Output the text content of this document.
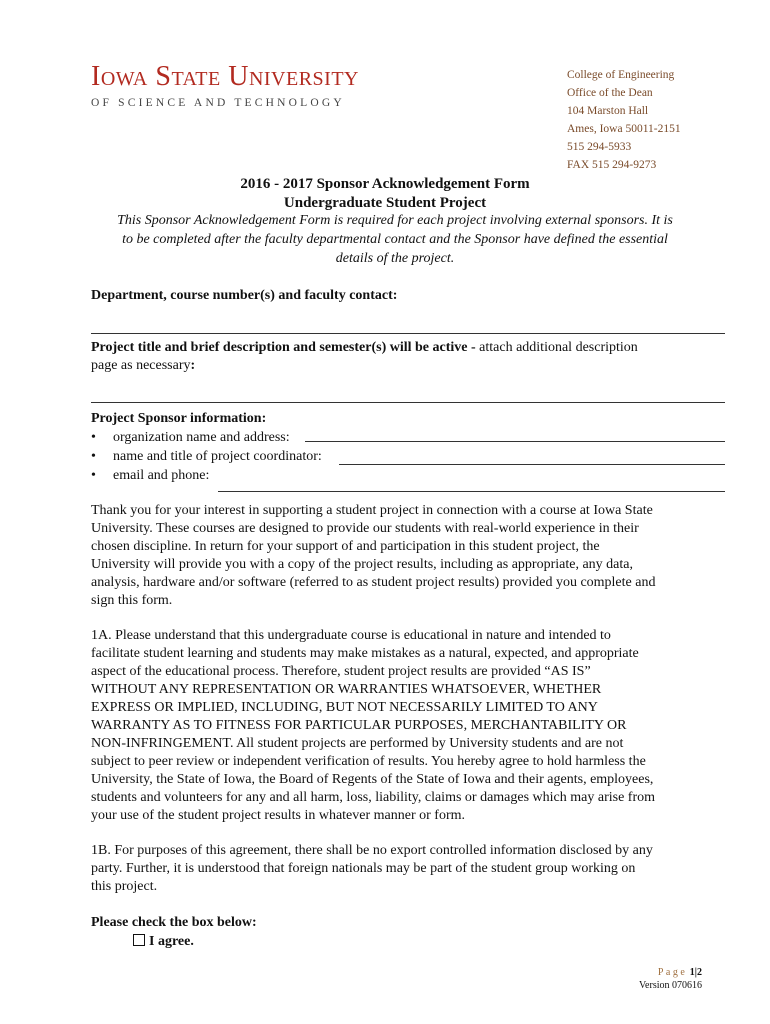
Iowa State University
OF SCIENCE AND TECHNOLOGY
College of Engineering
Office of the Dean
104 Marston Hall
Ames, Iowa 50011-2151
515 294-5933
FAX 515 294-9273
2016 - 2017 Sponsor Acknowledgement Form
Undergraduate Student Project
This Sponsor Acknowledgement Form is required for each project involving external sponsors. It is
to be completed after the faculty departmental contact and the Sponsor have defined the essential
details of the project.
Department, course number(s) and faculty contact:
Project title and brief description and semester(s) will be active - attach additional description
page as necessary:
Project Sponsor information:
• organization name and address:
• name and title of project coordinator:
• email and phone:
Thank you for your interest in supporting a student project in connection with a course at Iowa State
University. These courses are designed to provide our students with real-world experience in their
chosen discipline. In return for your support of and participation in this student project, the
University will provide you with a copy of the project results, including as appropriate, any data,
analysis, hardware and/or software (referred to as student project results) provided you complete and
sign this form.
1A. Please understand that this undergraduate course is educational in nature and intended to
facilitate student learning and students may make mistakes as a natural, expected, and appropriate
aspect of the educational process. Therefore, student project results are provided “AS IS”
WITHOUT ANY REPRESENTATION OR WARRANTIES WHATSOEVER, WHETHER
EXPRESS OR IMPLIED, INCLUDING, BUT NOT NECESSARILY LIMITED TO ANY
WARRANTY AS TO FITNESS FOR PARTICULAR PURPOSES, MERCHANTABILITY OR
NON-INFRINGEMENT. All student projects are performed by University students and are not
subject to peer review or independent verification of results. You hereby agree to hold harmless the
University, the State of Iowa, the Board of Regents of the State of Iowa and their agents, employees,
students and volunteers for any and all harm, loss, liability, claims or damages which may arise from
your use of the student project results in whatever manner or form.
1B. For purposes of this agreement, there shall be no export controlled information disclosed by any
party. Further, it is understood that foreign nationals may be part of the student group working on
this project.
Please check the box below:
I agree.
Page 1|2
Version 070616
